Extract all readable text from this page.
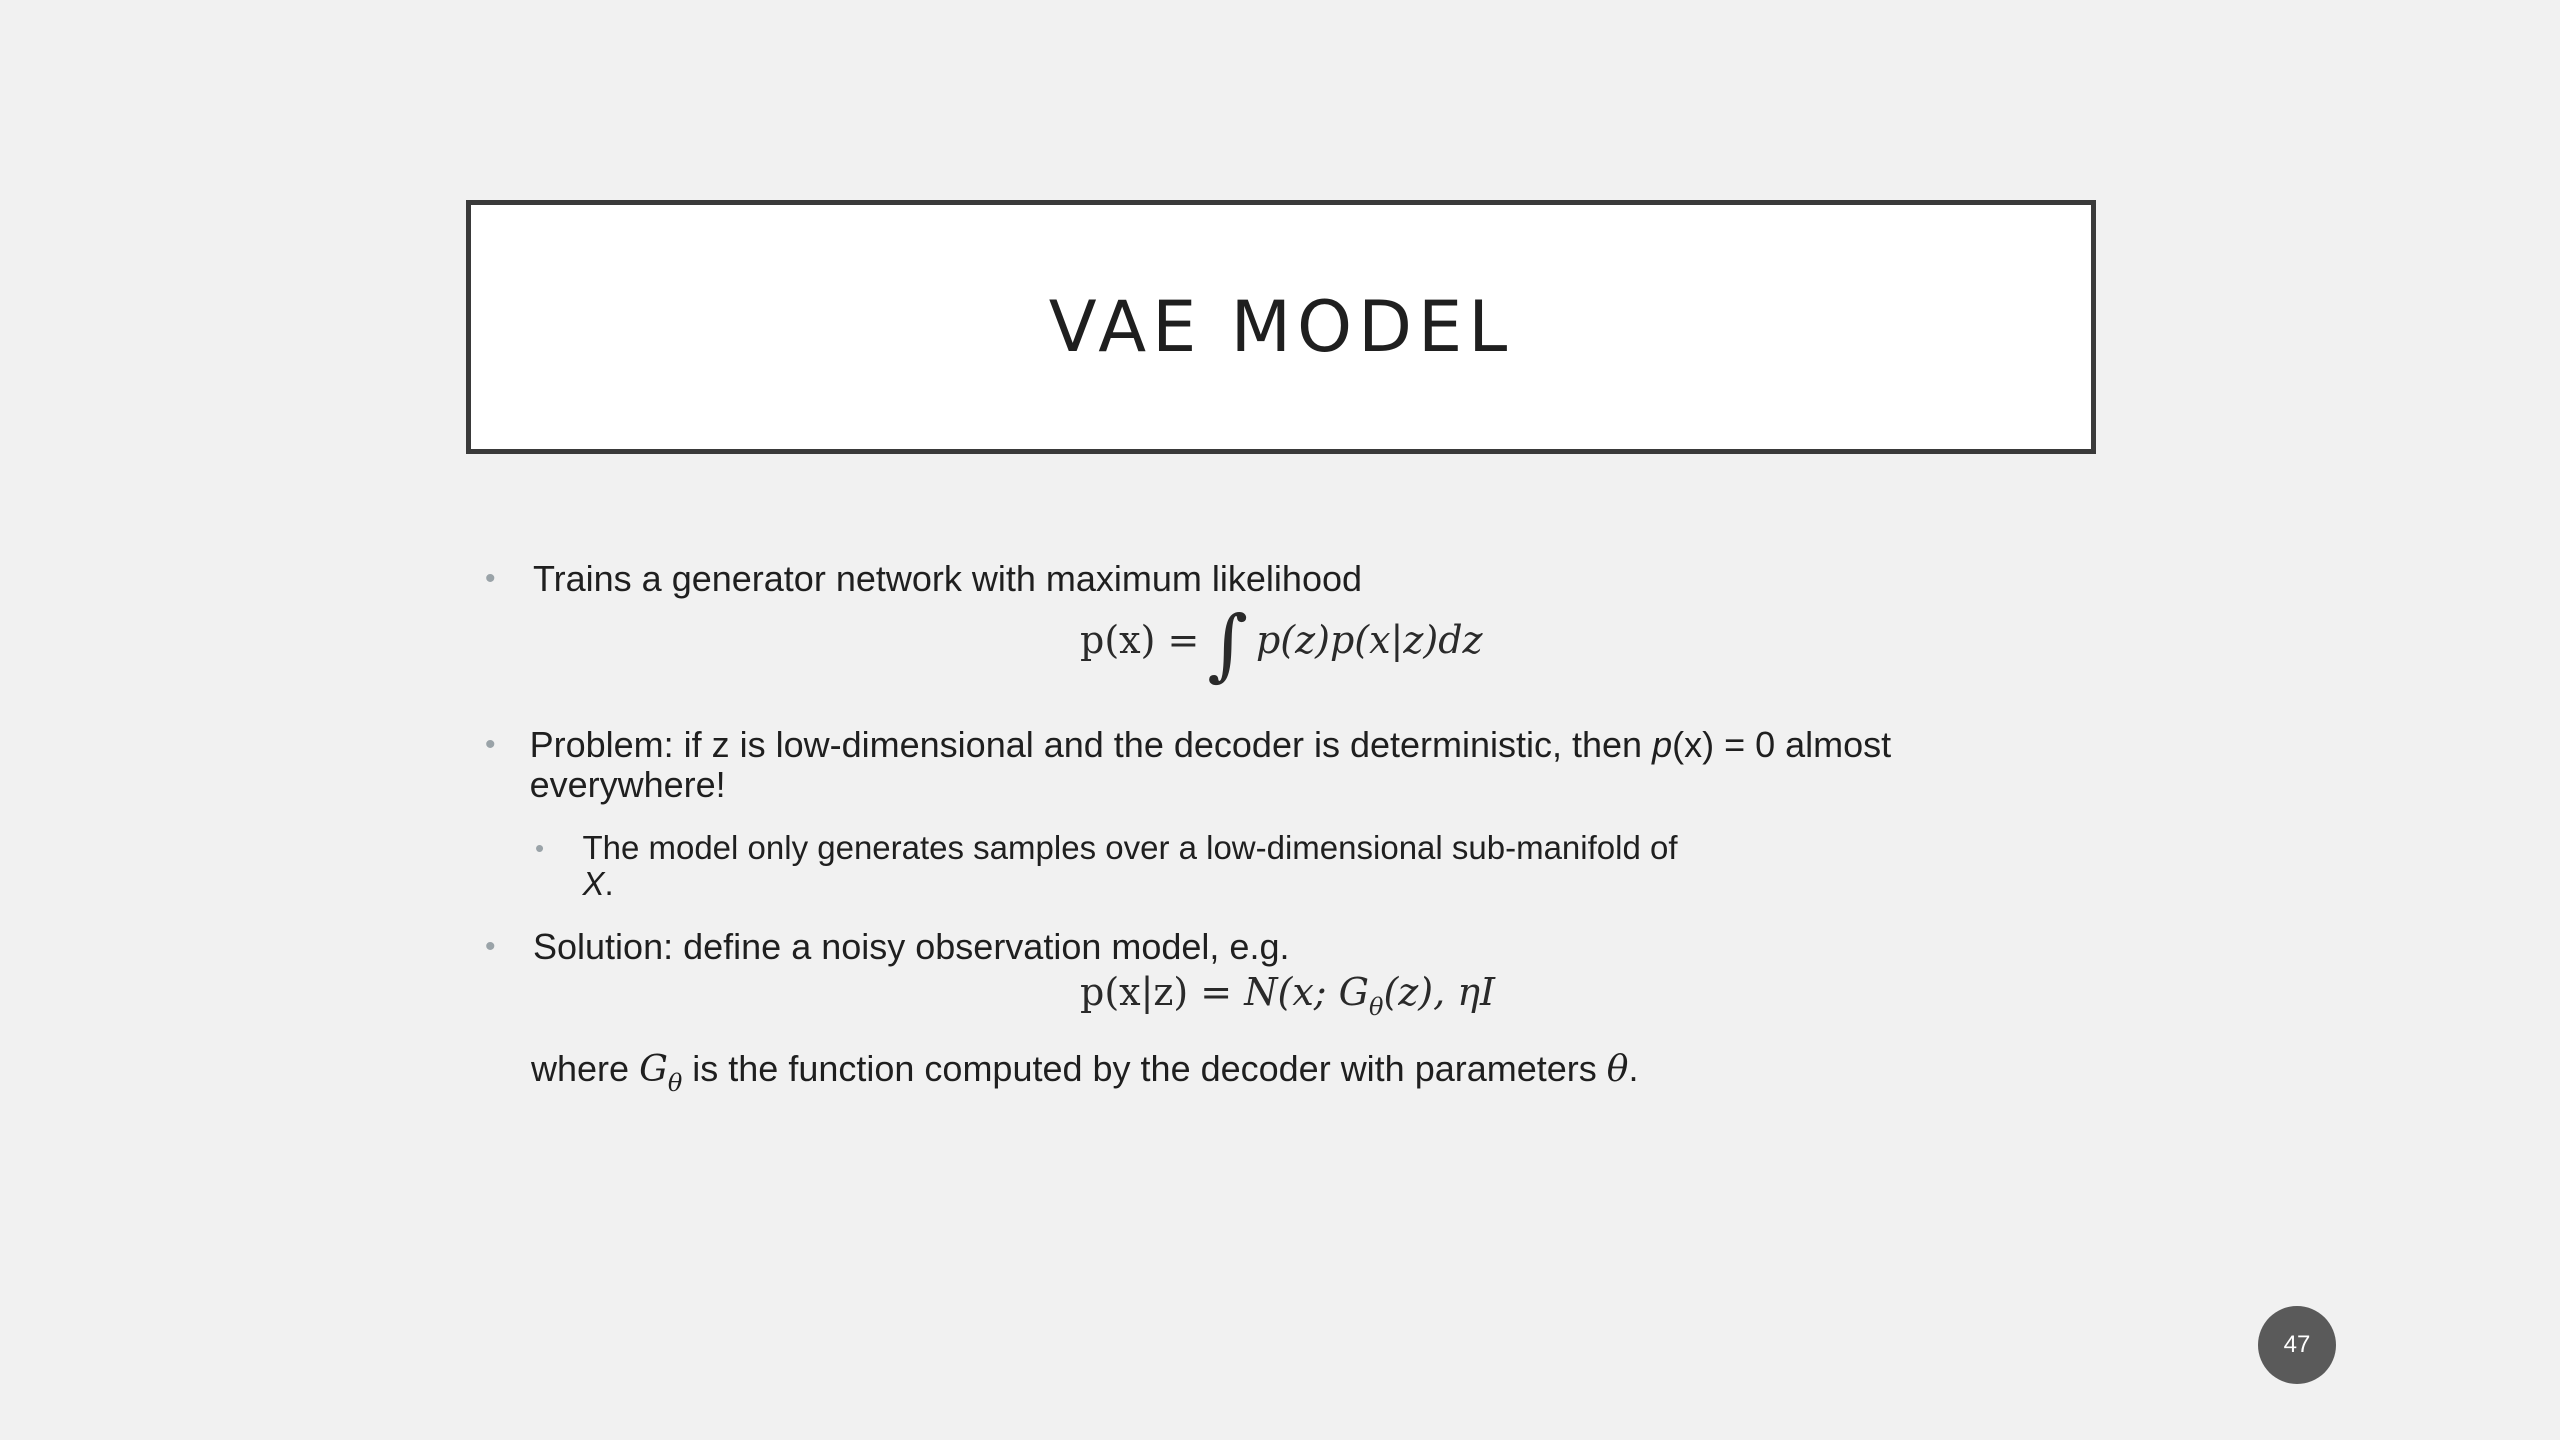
VAE MODEL
•	Trains a generator network with maximum likelihood
p(x) = ∫ p(z)p(x|z)dz
• Problem: if z is low-dimensional and the decoder is deterministic, then p(x) = 0 almost everywhere!
•	The model only generates samples over a low-dimensional sub-manifold of X.
•	Solution: define a noisy observation model, e.g.
p(x|z) = N(x; $G_\theta(z)$, ηI
where $G_\theta$ is the function computed by the decoder with parameters θ.
47
